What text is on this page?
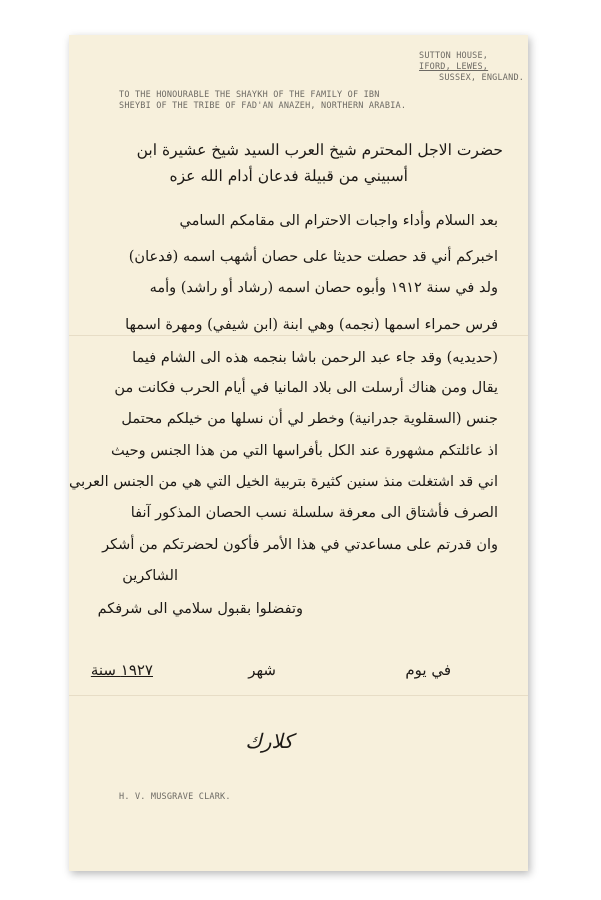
SUTTON HOUSE,
IFORD, LEWES,
SUSSEX, ENGLAND.
TO THE HONOURABLE THE SHAYKH OF THE FAMILY OF IBN
SHEYBI OF THE TRIBE OF FAD'AN ANAZEH, NORTHERN ARABIA.
حضرت الاجل المحترم شيخ العرب السيد شيخ عشيرة ابن
أسبيني من قبيلة فدعان أدام الله عزه
بعد السلام وأداء واجبات الاحترام الى مقامكم السامي
اخبركم أني قد حصلت حديثا على حصان أشهب اسمه (فدعان)
ولد في سنة ١٩١٢ وأبوه حصان اسمه (رشاد أو راشد) وأمه
فرس حمراء اسمها (نجمه) وهي ابنة (ابن شيفي) ومهرة اسمها
(حديديه) وقد جاء عبد الرحمن باشا بنجمه هذه الى الشام فيما
يقال ومن هناك أرسلت الى بلاد المانيا في أيام الحرب فكانت من
جنس (السقلوية جدرانية) وخطر لي أن نسلها من خيلكم محتمل
اذ عائلتكم مشهورة عند الكل بأفراسها التي من هذا الجنس وحيث
اني قد اشتغلت منذ سنين كثيرة بتربية الخيل التي هي من الجنس العربي
الصرف فأشتاق الى معرفة سلسلة نسب الحصان المذكور آنفا
وان قدرتم على مساعدتي في هذا الأمر فأكون لحضرتكم من أشكر
الشاكرين
وتفضلوا بقبول سلامي الى شرفكم
في يوم
شهر
١٩٢٧ سنة
كلارك
H. V. MUSGRAVE CLARK.
